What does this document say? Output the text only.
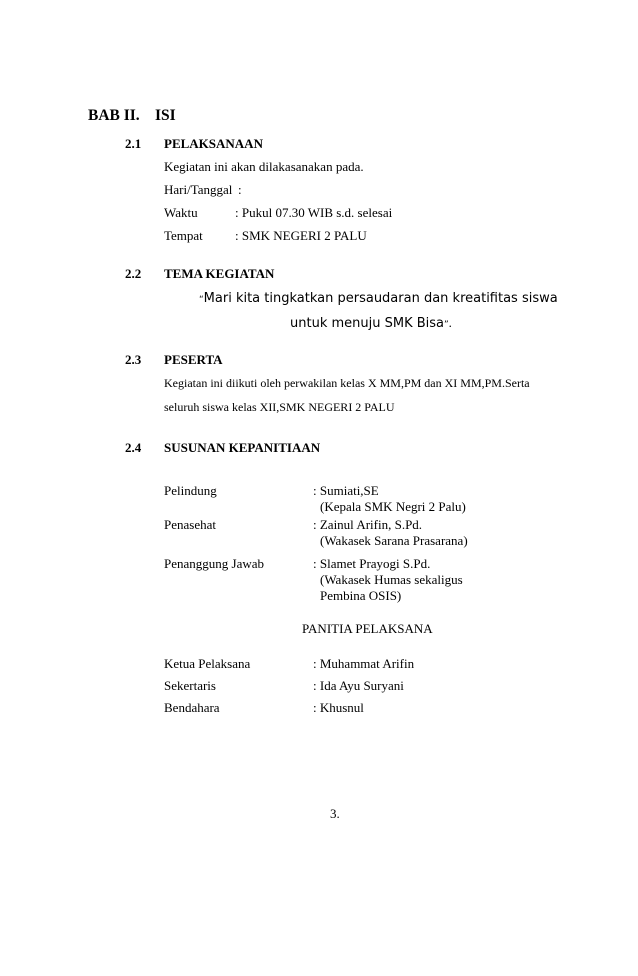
BAB II. ISI
2.1 PELAKSANAAN
Kegiatan ini akan dilakasanakan pada.
Hari/Tanggal :
Waktu	: Pukul 07.30 WIB s.d. selesai
Tempat : SMK NEGERI 2 PALU
2.2 TEMA KEGIATAN
“Mari kita tingkatkan persaudaran dan kreatifitas siswa
untuk menuju SMK Bisa”.
2.3 PESERTA
Kegiatan ini diikuti oleh perwakilan kelas X MM,PM dan XI MM,PM.Serta
seluruh siswa kelas XII,SMK NEGERI 2 PALU
2.4 SUSUNAN KEPANITIAAN
Pelindung	: Sumiati,SE
(Kepala SMK Negri 2 Palu)
Penasehat	: Zainul Arifin, S.Pd.
(Wakasek Sarana Prasarana)
Penanggung Jawab	: Slamet Prayogi S.Pd.
(Wakasek Humas sekaligus
Pembina OSIS)
PANITIA PELAKSANA
Ketua Pelaksana	: Muhammat Arifin
Sekertaris	: Ida Ayu Suryani
Bendahara	: Khusnul
3.
